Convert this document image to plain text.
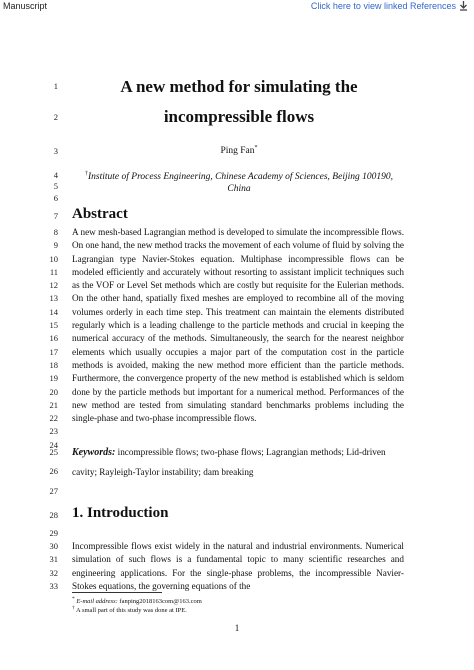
Manuscript	Click here to view linked References
1
2
3
4
5
6
7
8
9
10
11
12
13
14
15
16
17
18
19
20
21
22
23
24
25
26
27
28
29
30
31
32
33
A new method for simulating the
incompressible flows
Ping Fan*
†Institute of Process Engineering, Chinese Academy of Sciences, Beijing 100190,
China
Abstract
A new mesh-based Lagrangian method is developed to simulate the incompressible flows. On one hand, the new method tracks the movement of each volume of fluid by solving the Lagrangian type Navier-Stokes equation. Multiphase incompressible flows can be modeled efficiently and accurately without resorting to assistant implicit techniques such as the VOF or Level Set methods which are costly but requisite for the Eulerian methods. On the other hand, spatially fixed meshes are employed to recombine all of the moving volumes orderly in each time step. This treatment can maintain the elements distributed regularly which is a leading challenge to the particle methods and crucial in keeping the numerical accuracy of the methods. Simultaneously, the search for the nearest neighbor elements which usually occupies a major part of the computation cost in the particle methods is avoided, making the new method more efficient than the particle methods. Furthermore, the convergence property of the new method is established which is seldom done by the particle methods but important for a numerical method. Performances of the new method are tested from simulating standard benchmarks problems including the single-phase and two-phase incompressible flows.
Keywords: incompressible flows; two-phase flows; Lagrangian methods; Lid-driven cavity; Rayleigh-Taylor instability; dam breaking
1. Introduction
Incompressible flows exist widely in the natural and industrial environments. Numerical simulation of such flows is a fundamental topic to many scientific researches and engineering applications. For the single-phase problems, the incompressible Navier-Stokes equations, the governing equations of the
* E-mail address: fanping2018163com@163.com
† A small part of this study was done at IPE.
1
